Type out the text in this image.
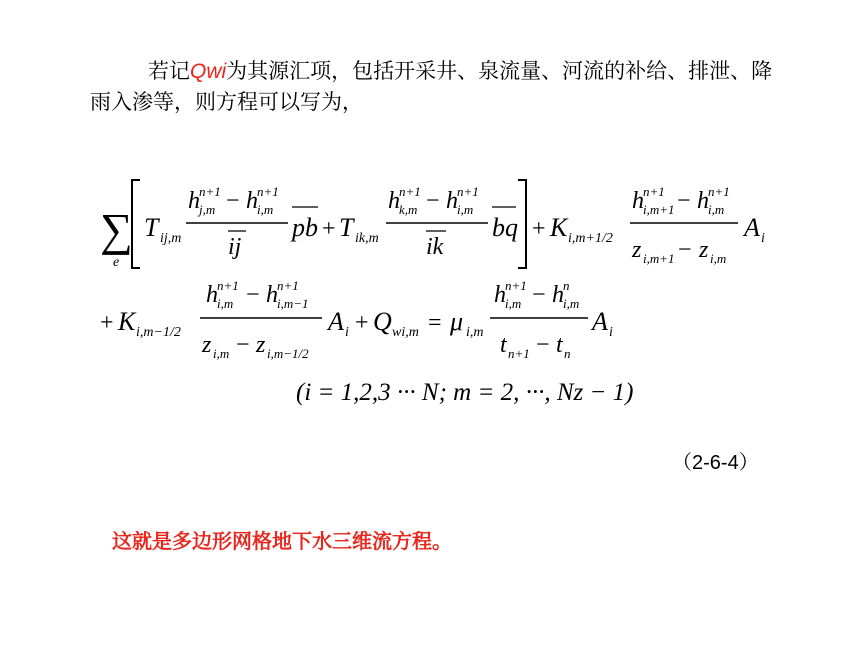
若记Qwi为其源汇项，包括开采井、泉流量、河流的补给、排泄、降雨入渗等，则方程可以写为，
∑
e
T ij,m
h n+1
j,m − h n+1
i,m
ij
pb + T ik,m
h n+1
k,m − h n+1
i,m
ik
bq + K i,m+1/2
h n+1
i,m+1 − h n+1
i,m
z i,m+1 − z i,m
A i
+ K i,m−1/2
h n+1
i,m − h n+1
i,m−1
z i,m − z i,m−1/2
A i + Q wi,m = μ i,m
h n+1
i,m − h n
i,m
t n+1 − t n
A i
(i = 1,2,3 ··· N; m = 2, ···, Nz − 1)
（2-6-4）
这就是多边形网格地下水三维流方程。
